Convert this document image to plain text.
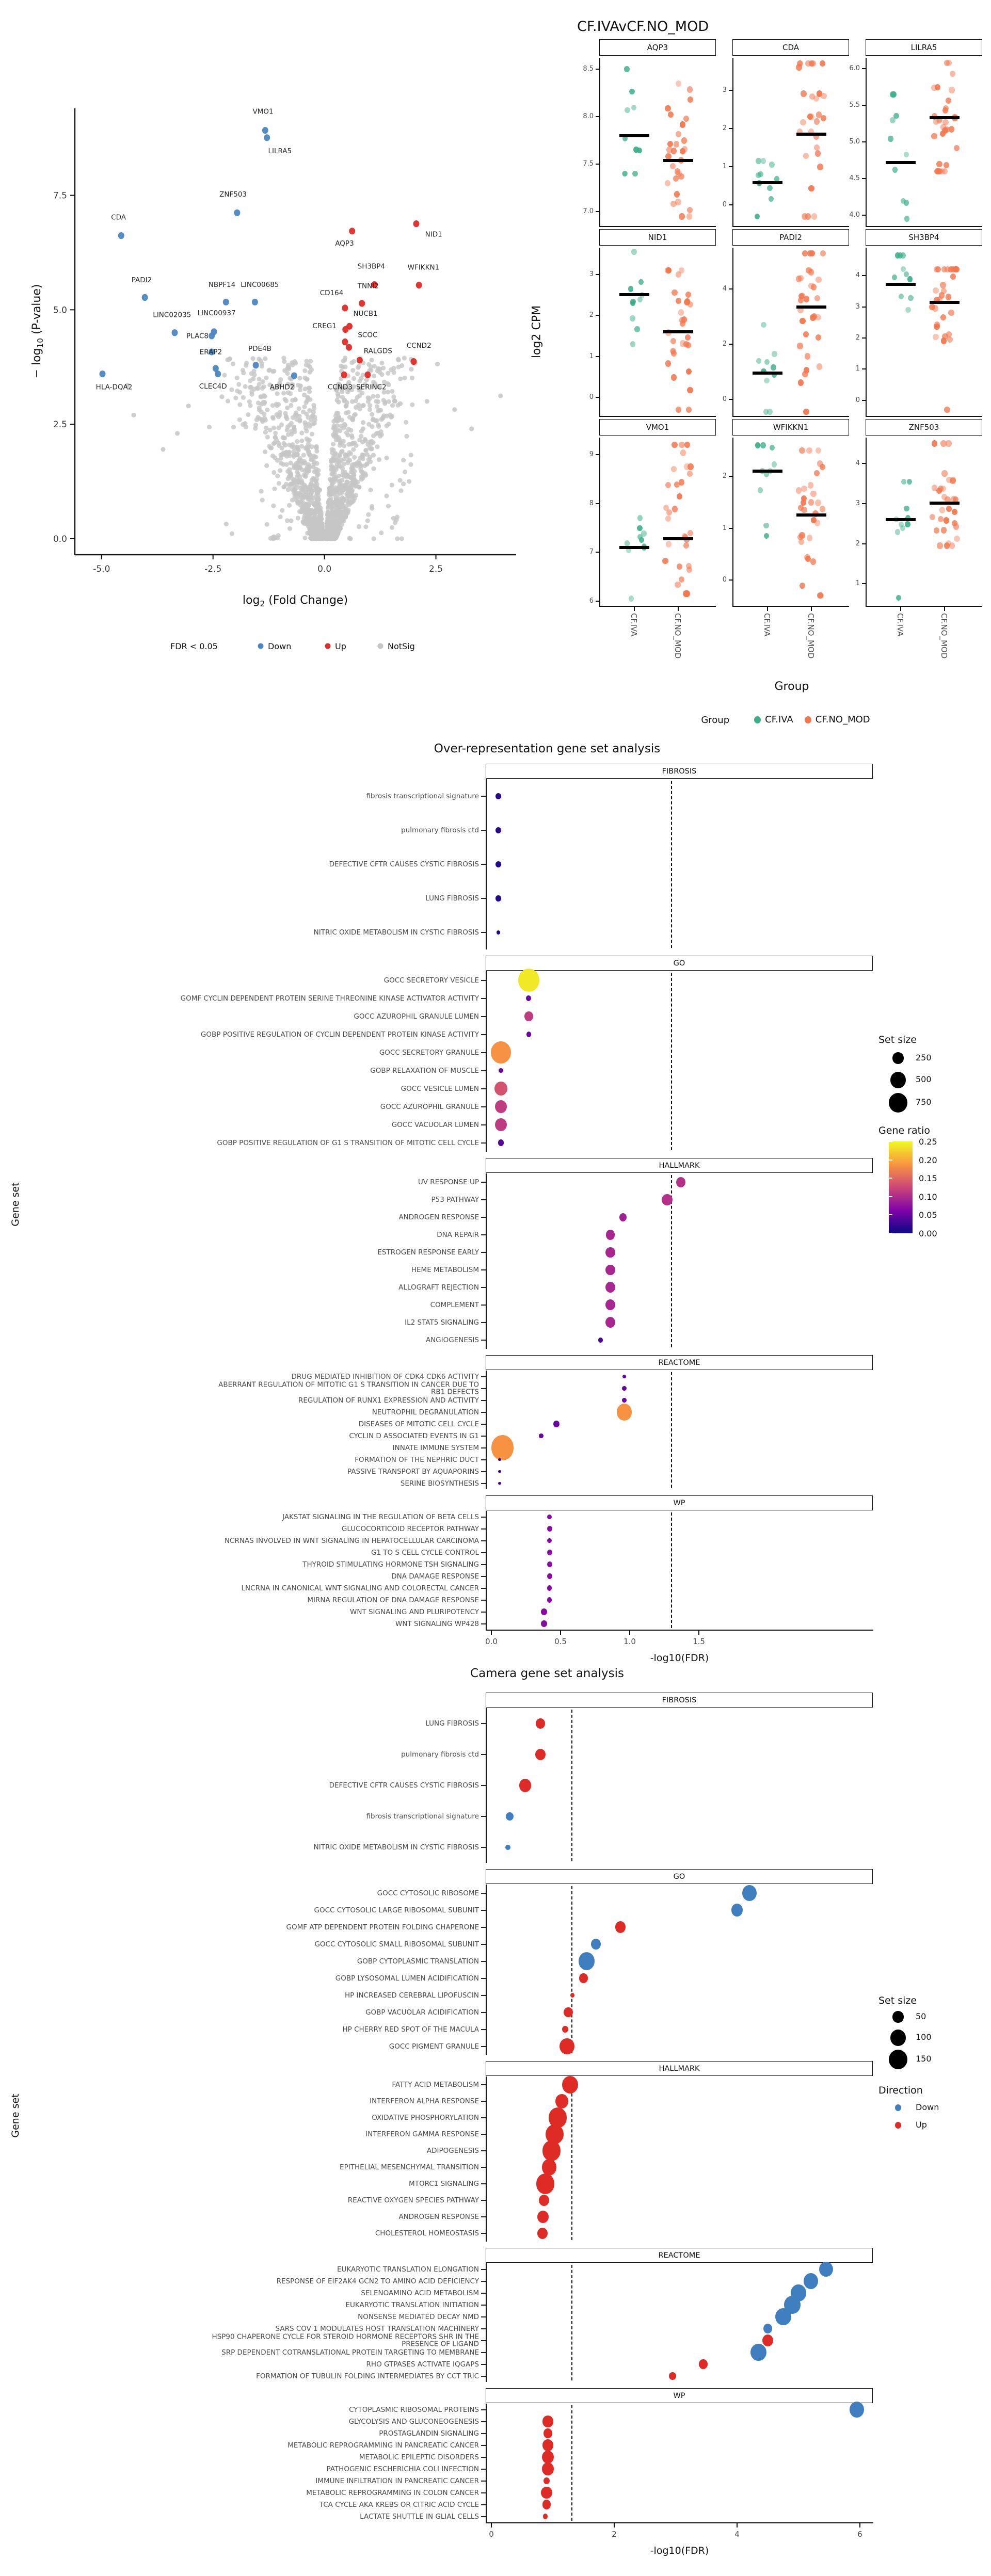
VMO1
LILRA5
ZNF503
CDA
PADI2
NBPF14 LINC00685
LINC02035 LINC00937
PLAC8
ERAP2
CLEC4D
PDE4B
ABHD2
HLA-DQA2
NID1
AQP3
SH3BP4	WFIKKN1
TNNI2
CD164
NUCB1
CREG1
SCOC
RALGDS
CCND2
CCND3 SERINC2
0.0
2.5
5.0
7.5
-5.0	-2.5	0.0	2.5
− $\log_{10}$ (P-value)
$\log_2$ (Fold Change)
FDR < 0.05	Down	Up	NotSig
CF.IVAvCF.NO_MOD
log2 CPM
AQP3
7.0
7.5
8.0
8.5
CDA
0
1
2
3
LILRA5
4.0
4.5
5.0
5.5
6.0
NID1
0
1
2
3
PADI2
0
2
4
SH3BP4
0
1
2
3
4
VMO1
6
7
8
9
CF.IVA	CF.NO_MOD
WFIKKN1
0
1
2
CF.IVA	CF.NO_MOD
ZNF503
1
2
3
4
CF.IVA	CF.NO_MOD
Group
Group	CF.IVA CF.NO_MOD
Over-representation gene set analysis
Gene set
FIBROSIS
fibrosis transcriptional signature
pulmonary fibrosis ctd
DEFECTIVE CFTR CAUSES CYSTIC FIBROSIS
LUNG FIBROSIS
NITRIC OXIDE METABOLISM IN CYSTIC FIBROSIS
GO
GOCC SECRETORY VESICLE
GOMF CYCLIN DEPENDENT PROTEIN SERINE THREONINE KINASE ACTIVATOR ACTIVITY
GOCC AZUROPHIL GRANULE LUMEN
GOBP POSITIVE REGULATION OF CYCLIN DEPENDENT PROTEIN KINASE ACTIVITY
GOCC SECRETORY GRANULE
GOBP RELAXATION OF MUSCLE
GOCC VESICLE LUMEN
GOCC AZUROPHIL GRANULE
GOCC VACUOLAR LUMEN
GOBP POSITIVE REGULATION OF G1 S TRANSITION OF MITOTIC CELL CYCLE
HALLMARK
UV RESPONSE UP
P53 PATHWAY
ANDROGEN RESPONSE
DNA REPAIR
ESTROGEN RESPONSE EARLY
HEME METABOLISM
ALLOGRAFT REJECTION
COMPLEMENT
IL2 STAT5 SIGNALING
ANGIOGENESIS
REACTOME
DRUG MEDIATED INHIBITION OF CDK4 CDK6 ACTIVITY
ABERRANT REGULATION OF MITOTIC G1 S TRANSITION IN CANCER DUE TO
RB1 DEFECTS
REGULATION OF RUNX1 EXPRESSION AND ACTIVITY
NEUTROPHIL DEGRANULATION
DISEASES OF MITOTIC CELL CYCLE
CYCLIN D ASSOCIATED EVENTS IN G1
INNATE IMMUNE SYSTEM
FORMATION OF THE NEPHRIC DUCT
PASSIVE TRANSPORT BY AQUAPORINS
SERINE BIOSYNTHESIS
WP
JAKSTAT SIGNALING IN THE REGULATION OF BETA CELLS
GLUCOCORTICOID RECEPTOR PATHWAY
NCRNAS INVOLVED IN WNT SIGNALING IN HEPATOCELLULAR CARCINOMA
G1 TO S CELL CYCLE CONTROL
THYROID STIMULATING HORMONE TSH SIGNALING
DNA DAMAGE RESPONSE
LNCRNA IN CANONICAL WNT SIGNALING AND COLORECTAL CANCER
MIRNA REGULATION OF DNA DAMAGE RESPONSE
WNT SIGNALING AND PLURIPOTENCY
WNT SIGNALING WP428
0.0	0.5	1.0	1.5
-log10(FDR)
Set size
250
500
750
Gene ratio
0.25
0.20
0.15
0.10
0.05
0.00
Camera gene set analysis
Gene set
FIBROSIS
LUNG FIBROSIS
pulmonary fibrosis ctd
DEFECTIVE CFTR CAUSES CYSTIC FIBROSIS
fibrosis transcriptional signature
NITRIC OXIDE METABOLISM IN CYSTIC FIBROSIS
GO
GOCC CYTOSOLIC RIBOSOME
GOCC CYTOSOLIC LARGE RIBOSOMAL SUBUNIT
GOMF ATP DEPENDENT PROTEIN FOLDING CHAPERONE
GOCC CYTOSOLIC SMALL RIBOSOMAL SUBUNIT
GOBP CYTOPLASMIC TRANSLATION
GOBP LYSOSOMAL LUMEN ACIDIFICATION
HP INCREASED CEREBRAL LIPOFUSCIN
GOBP VACUOLAR ACIDIFICATION
HP CHERRY RED SPOT OF THE MACULA
GOCC PIGMENT GRANULE
HALLMARK
FATTY ACID METABOLISM
INTERFERON ALPHA RESPONSE
OXIDATIVE PHOSPHORYLATION
INTERFERON GAMMA RESPONSE
ADIPOGENESIS
EPITHELIAL MESENCHYMAL TRANSITION
MTORC1 SIGNALING
REACTIVE OXYGEN SPECIES PATHWAY
ANDROGEN RESPONSE
CHOLESTEROL HOMEOSTASIS
REACTOME
EUKARYOTIC TRANSLATION ELONGATION
RESPONSE OF EIF2AK4 GCN2 TO AMINO ACID DEFICIENCY
SELENOAMINO ACID METABOLISM
EUKARYOTIC TRANSLATION INITIATION
NONSENSE MEDIATED DECAY NMD
SARS COV 1 MODULATES HOST TRANSLATION MACHINERY
HSP90 CHAPERONE CYCLE FOR STEROID HORMONE RECEPTORS SHR IN THE
PRESENCE OF LIGAND
SRP DEPENDENT COTRANSLATIONAL PROTEIN TARGETING TO MEMBRANE
RHO GTPASES ACTIVATE IQGAPS
FORMATION OF TUBULIN FOLDING INTERMEDIATES BY CCT TRIC
WP
CYTOPLASMIC RIBOSOMAL PROTEINS
GLYCOLYSIS AND GLUCONEOGENESIS
PROSTAGLANDIN SIGNALING
METABOLIC REPROGRAMMING IN PANCREATIC CANCER
METABOLIC EPILEPTIC DISORDERS
PATHOGENIC ESCHERICHIA COLI INFECTION
IMMUNE INFILTRATION IN PANCREATIC CANCER
METABOLIC REPROGRAMMING IN COLON CANCER
TCA CYCLE AKA KREBS OR CITRIC ACID CYCLE
LACTATE SHUTTLE IN GLIAL CELLS
0	2	4	6
-log10(FDR)
Set size
50
100
150
Direction
Down
Up
